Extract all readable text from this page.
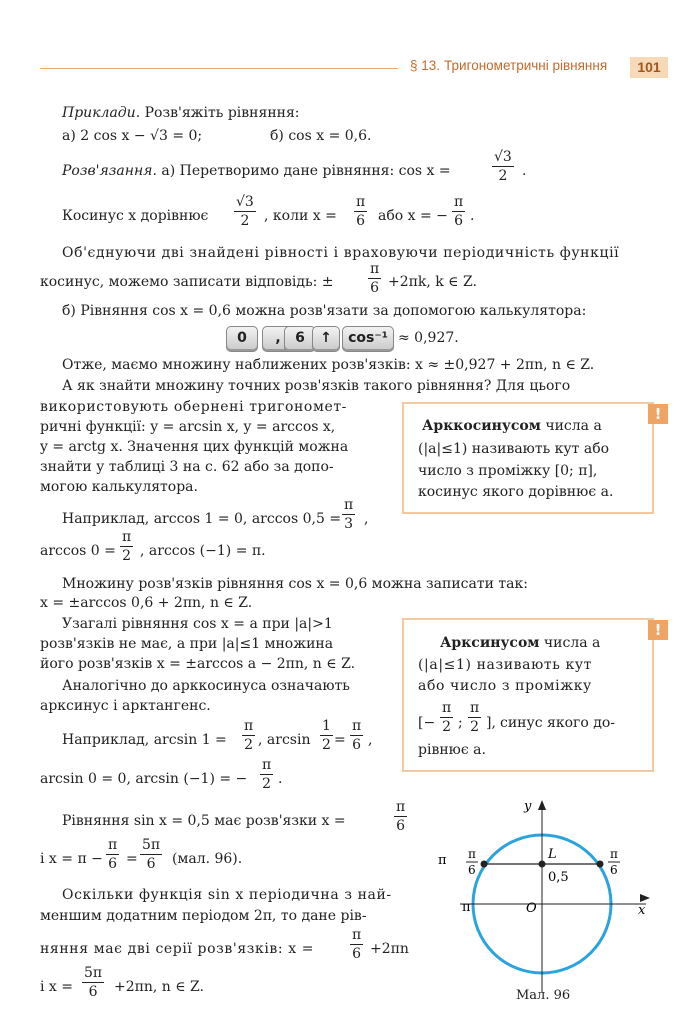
§ 13. Тригонометричні рівняння	101
Приклади. Розв'яжіть рівняння:
а) 2 cos x − √3 = 0;	б) cos x = 0,6.
Розв'язання. а) Перетворимо дане рівняння: cos x =	$\frac{√3}{2}$ .
Косинус x дорівнює $\frac{√3}{2}$ , коли $x = \frac{\pi}{6}$ або x = − $\frac{\pi}{6}$ .
Об'єднуючи дві знайдені рівності і враховуючи періодичність функції
косинус, можемо записати відповідь: ± $\frac{\pi}{6} +2\pi k$, k ∈ Z.
б) Рівняння cos x = 0,6 можна розв'язати за допомогою калькулятора:
0	,	6	↑	cos⁻¹ ≈ 0,927.
Отже, маємо множину наближених розв'язків: x ≈ ±0,927 + 2πn, n ∈ Z.
А як знайти множину точних розв'язків такого рівняння? Для цього
використовують обернені тригономет-
ричні функції: y = arcsin x, y = arccos x,
y = arctg x. Значення цих функцій можна
знайти у таблиці 3 на с. 62 або за допо-
могою калькулятора.
Наприклад, arccos 1 = 0, $\arccos 0,5 = \frac{\pi}{3}$ ,
$\arccos 0 = \frac{\pi}{2}$ , arccos (−1) = π.
Множину розв'язків рівняння cos x = 0,6 можна записати так:
x = ±arccos 0,6 + 2πn, n ∈ Z.
Узагалі рівняння cos x = a при |a|>1
розв'язків не має, а при |a|≤1 множина
його розв'язків x = ±arccos a − 2πn, n ∈ Z.
Аналогічно до арккосинуса означають
арксинус і арктангенс.
Наприклад, $\arcsin 1 = \frac{\pi}{2}$ , $\arcsin \frac{1}{2} = \frac{\pi}{6}$ ,
arcsin 0 = 0, arcsin (−1) = − $\frac{\pi}{2}$ .
Рівняння sin x = 0,5 має розв'язки x =	$\frac{\pi}{6}$
і $x = \pi - \frac{\pi}{6} = \frac{5\pi}{6} (мал$. 96).
Оскільки функція sin x періодична з най-
меншим додатним періодом 2π, то дане рів-
няння має дві серії розв'язків: x =	$\frac{\pi}{6} +2\pi n$
і $x = \frac{5\pi}{6} +2\pi n$, n ∈ Z.
!
Арккосинусом числа a
(|a|≤1) називають кут або
число з проміжку [0; π],
косинус якого дорівнює a.
!
Арксинусом числа a
(|a|≤1) називають кут
або число з проміжку
[− $\frac{\pi}{2}$ ; $\frac{\pi}{2}$ ], синус якого до-
рівнює a.
y
x
O
L
0,5
π π
6
π
π
6
Мал. 96
